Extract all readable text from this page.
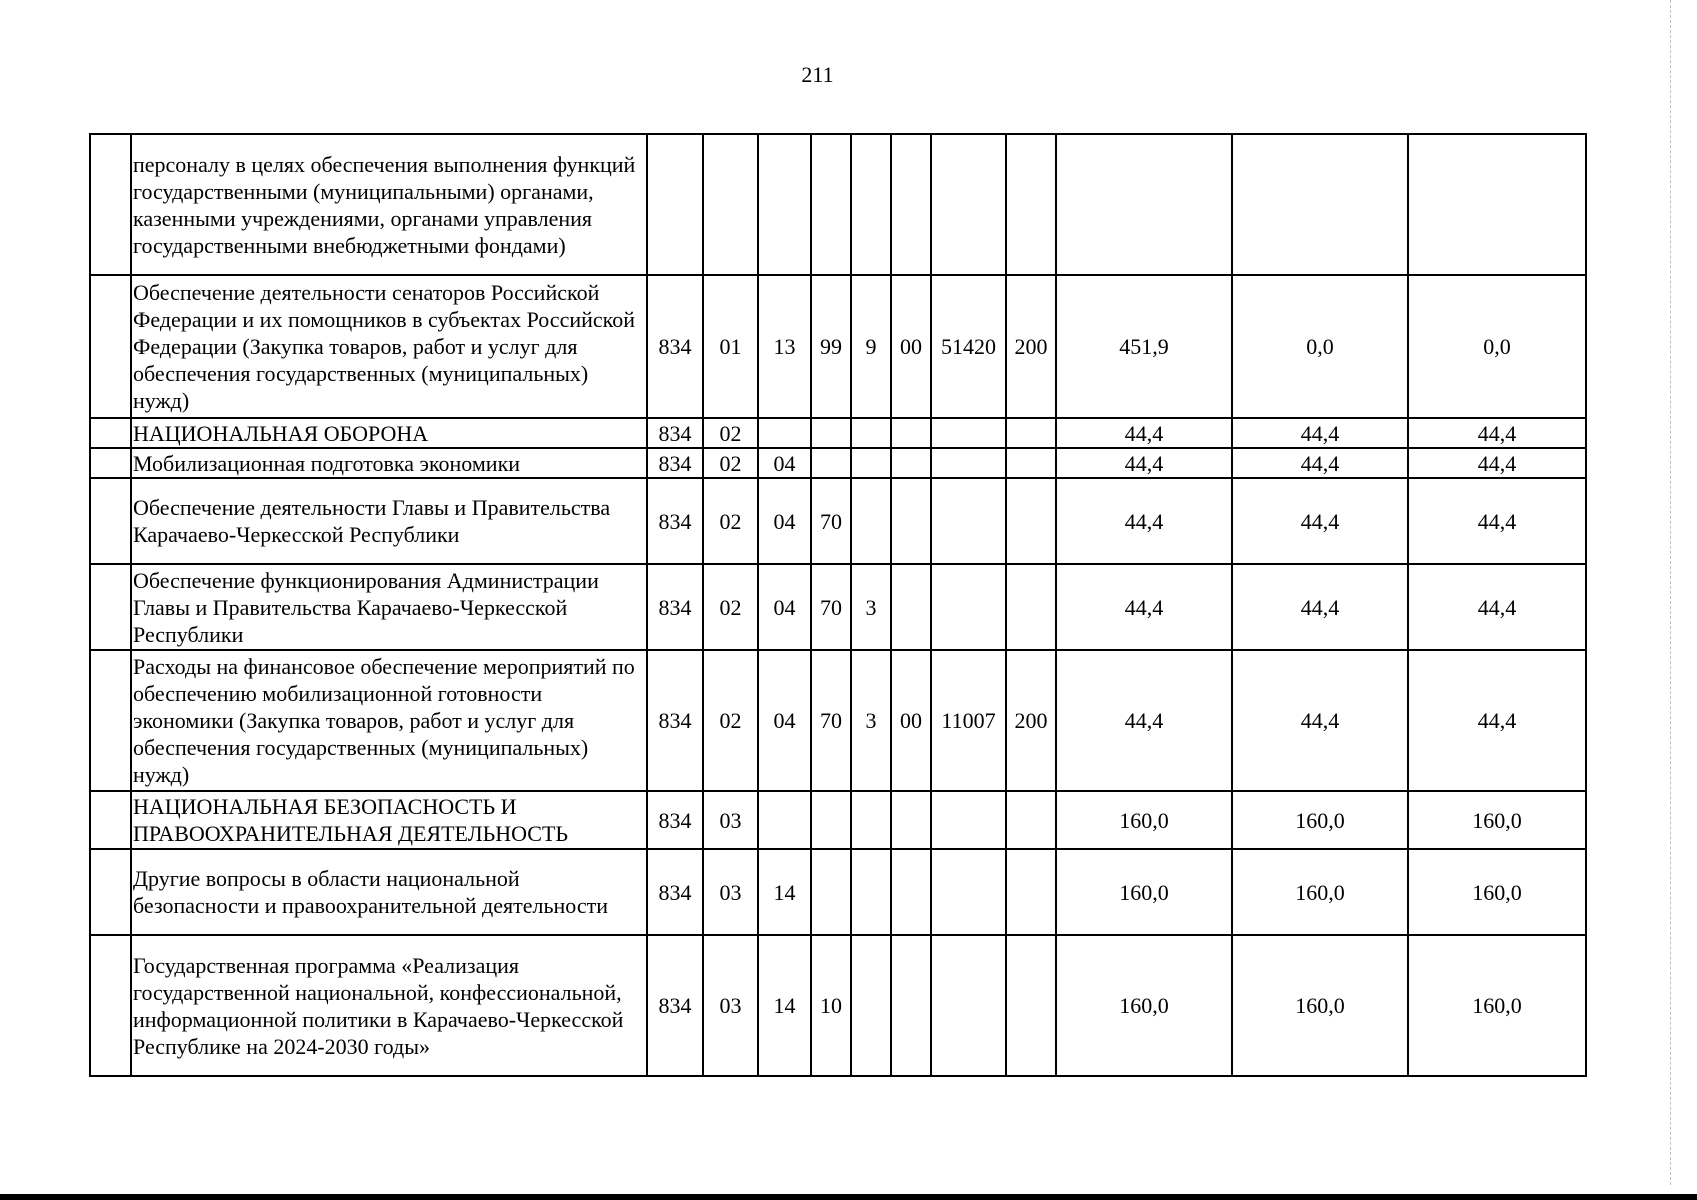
211
	персоналу в целях обеспечения выполнения функций государственными (муниципальными) органами, казенными учреждениями, органами управления государственными внебюджетными фондами)											
	Обеспечение деятельности сенаторов Российской Федерации и их помощников в субъектах Российской Федерации (Закупка товаров, работ и услуг для обеспечения государственных (муниципальных) нужд)	834	01	13	99	9	00	51420	200	451,9	0,0	0,0
	НАЦИОНАЛЬНАЯ ОБОРОНА	834	02							44,4	44,4	44,4
	Мобилизационная подготовка экономики	834	02	04						44,4	44,4	44,4
	Обеспечение деятельности Главы и Правительства Карачаево-Черкесской Республики	834	02	04	70					44,4	44,4	44,4
	Обеспечение функционирования Администрации Главы и Правительства Карачаево-Черкесской Республики	834	02	04	70	3				44,4	44,4	44,4
	Расходы на финансовое обеспечение мероприятий по обеспечению мобилизационной готовности экономики (Закупка товаров, работ и услуг для обеспечения государственных (муниципальных) нужд)	834	02	04	70	3	00	11007	200	44,4	44,4	44,4
	НАЦИОНАЛЬНАЯ БЕЗОПАСНОСТЬ И ПРАВООХРАНИТЕЛЬНАЯ ДЕЯТЕЛЬНОСТЬ	834	03							160,0	160,0	160,0
	Другие вопросы в области национальной безопасности и правоохранительной деятельности	834	03	14						160,0	160,0	160,0
	Государственная программа «Реализация государственной национальной, конфессиональной, информационной политики в Карачаево-Черкесской Республике на 2024-2030 годы»	834	03	14	10					160,0	160,0	160,0
